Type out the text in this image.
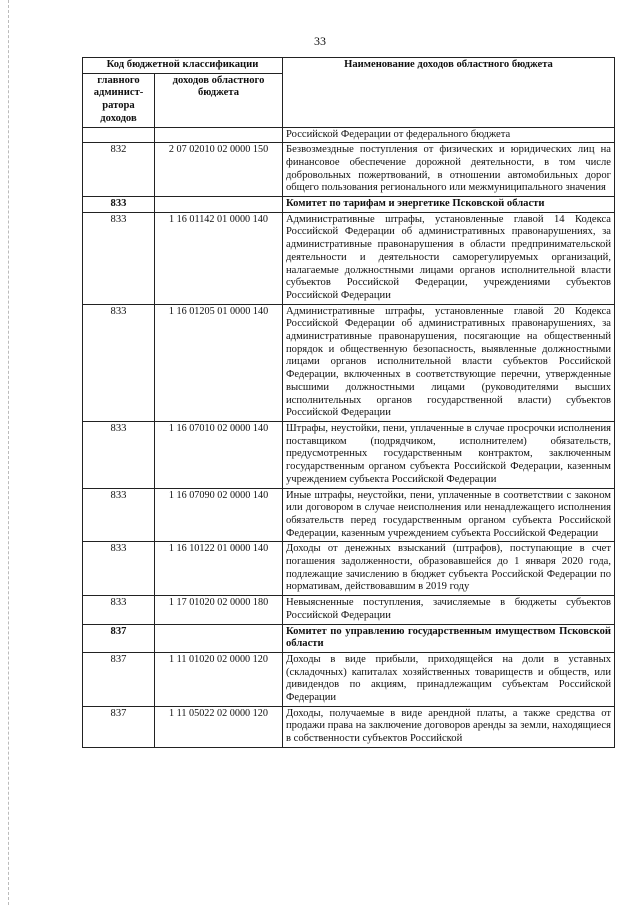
33
Код бюджетной классификации		Наименование доходов областного бюджета
главного админист-ратора доходов	доходов областного бюджета	
		Российской Федерации от федерального бюджета
832	2 07 02010 02 0000 150	Безвозмездные поступления от физических и юридических лиц на финансовое обеспечение дорожной деятельности, в том числе добровольных пожертвований, в отношении автомобильных дорог общего пользования регионального или межмуниципального значения
833		Комитет по тарифам и энергетике Псковской области
833	1 16 01142 01 0000 140	Административные штрафы, установленные главой 14 Кодекса Российской Федерации об административных правонарушениях, за административные правонарушения в области предпринимательской деятельности и деятельности саморегулируемых организаций, налагаемые должностными лицами органов исполнительной власти субъектов Российской Федерации, учреждениями субъектов Российской Федерации
833	1 16 01205 01 0000 140	Административные штрафы, установленные главой 20 Кодекса Российской Федерации об административных правонарушениях, за административные правонарушения, посягающие на общественный порядок и общественную безопасность, выявленные должностными лицами органов исполнительной власти субъектов Российской Федерации, включенных в соответствующие перечни, утвержденные высшими должностными лицами (руководителями высших исполнительных органов государственной власти) субъектов Российской Федерации
833	1 16 07010 02 0000 140	Штрафы, неустойки, пени, уплаченные в случае просрочки исполнения поставщиком (подрядчиком, исполнителем) обязательств, предусмотренных государственным контрактом, заключенным государственным органом субъекта Российской Федерации, казенным учреждением субъекта Российской Федерации
833	1 16 07090 02 0000 140	Иные штрафы, неустойки, пени, уплаченные в соответствии с законом или договором в случае неисполнения или ненадлежащего исполнения обязательств перед государственным органом субъекта Российской Федерации, казенным учреждением субъекта Российской Федерации
833	1 16 10122 01 0000 140	Доходы от денежных взысканий (штрафов), поступающие в счет погашения задолженности, образовавшейся до 1 января 2020 года, подлежащие зачислению в бюджет субъекта Российской Федерации по нормативам, действовавшим в 2019 году
833	1 17 01020 02 0000 180	Невыясненные поступления, зачисляемые в бюджеты субъектов Российской Федерации
837		Комитет по управлению государственным имуществом Псковской области
837	1 11 01020 02 0000 120	Доходы в виде прибыли, приходящейся на доли в уставных (складочных) капиталах хозяйственных товариществ и обществ, или дивидендов по акциям, принадлежащим субъектам Российской Федерации
837	1 11 05022 02 0000 120	Доходы, получаемые в виде арендной платы, а также средства от продажи права на заключение договоров аренды за земли, находящиеся в собственности субъектов Российской
